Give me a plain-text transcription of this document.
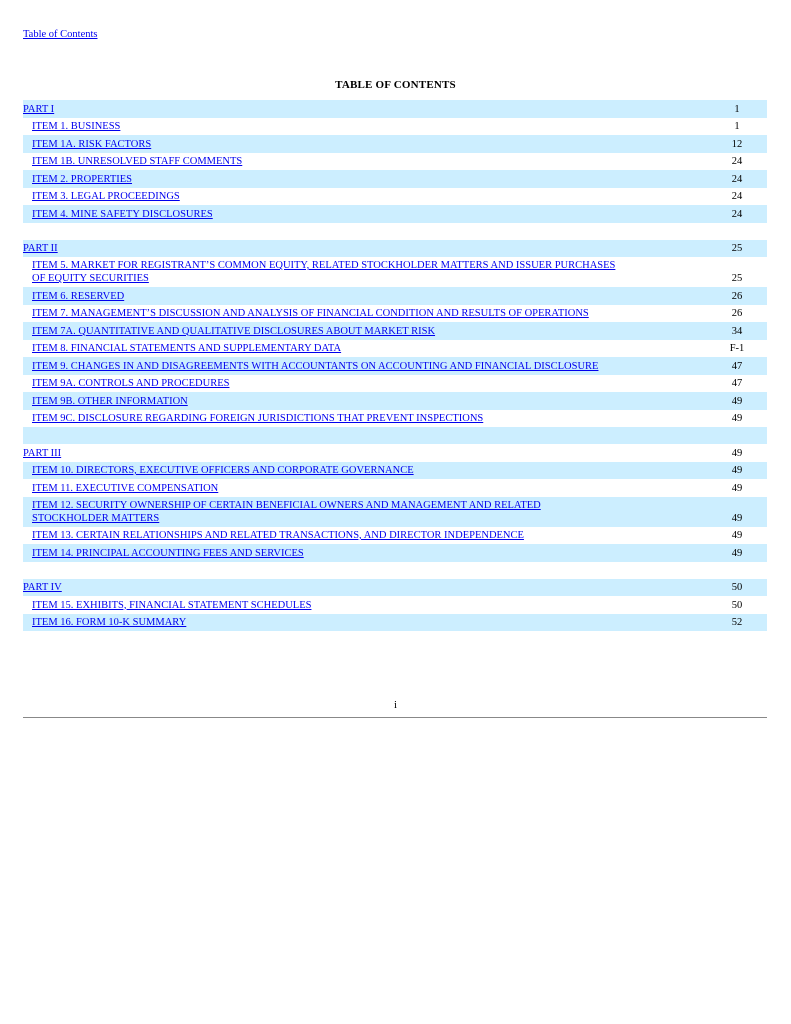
Table of Contents
TABLE OF CONTENTS
PART I	1
ITEM 1. BUSINESS	1
ITEM 1A. RISK FACTORS	12
ITEM 1B. UNRESOLVED STAFF COMMENTS	24
ITEM 2. PROPERTIES	24
ITEM 3. LEGAL PROCEEDINGS	24
ITEM 4. MINE SAFETY DISCLOSURES	24
PART II	25
ITEM 5. MARKET FOR REGISTRANT’S COMMON EQUITY, RELATED STOCKHOLDER MATTERS AND ISSUER PURCHASES OF EQUITY SECURITIES	25
ITEM 6. RESERVED	26
ITEM 7. MANAGEMENT’S DISCUSSION AND ANALYSIS OF FINANCIAL CONDITION AND RESULTS OF OPERATIONS	26
ITEM 7A. QUANTITATIVE AND QUALITATIVE DISCLOSURES ABOUT MARKET RISK	34
ITEM 8. FINANCIAL STATEMENTS AND SUPPLEMENTARY DATA	F-1
ITEM 9. CHANGES IN AND DISAGREEMENTS WITH ACCOUNTANTS ON ACCOUNTING AND FINANCIAL DISCLOSURE	47
ITEM 9A. CONTROLS AND PROCEDURES	47
ITEM 9B. OTHER INFORMATION	49
ITEM 9C. DISCLOSURE REGARDING FOREIGN JURISDICTIONS THAT PREVENT INSPECTIONS	49
PART III	49
ITEM 10. DIRECTORS, EXECUTIVE OFFICERS AND CORPORATE GOVERNANCE	49
ITEM 11. EXECUTIVE COMPENSATION	49
ITEM 12. SECURITY OWNERSHIP OF CERTAIN BENEFICIAL OWNERS AND MANAGEMENT AND RELATED STOCKHOLDER MATTERS	49
ITEM 13. CERTAIN RELATIONSHIPS AND RELATED TRANSACTIONS, AND DIRECTOR INDEPENDENCE	49
ITEM 14. PRINCIPAL ACCOUNTING FEES AND SERVICES	49
PART IV	50
ITEM 15. EXHIBITS, FINANCIAL STATEMENT SCHEDULES	50
ITEM 16. FORM 10-K SUMMARY	52
i
